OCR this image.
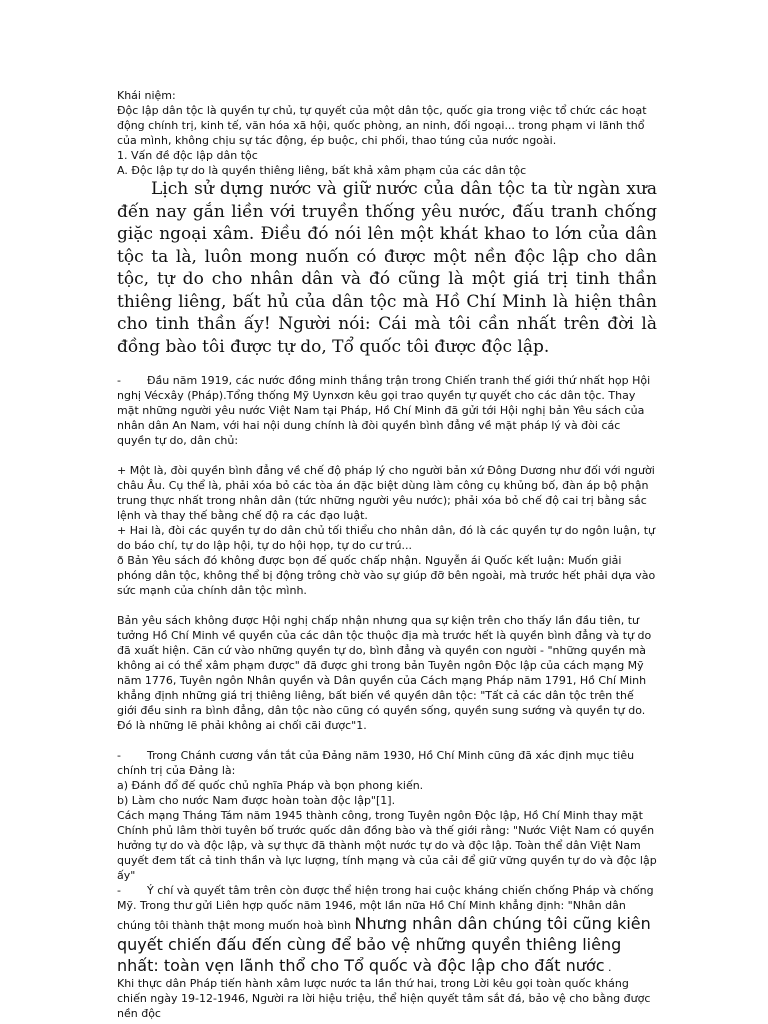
Khái niệm:

Độc lập dân tộc là quyền tự chủ, tự quyết của một dân tộc, quốc gia trong việc tổ chức các hoạt động chính trị, kinh tế, văn hóa xã hội, quốc phòng, an ninh, đối ngoại... trong phạm vi lãnh thổ của mình, không chịu sự tác động, ép buộc, chi phối, thao túng của nước ngoài.

1. Vấn đề độc lập dân tộc

A. Độc lập tự do là quyền thiêng liêng, bất khả xâm phạm của các dân tộc

Lịch sử dựng nước và giữ nước của dân tộc ta từ ngàn xưa đến nay gắn liền với truyền thống yêu nước, đấu tranh chống giặc ngoại xâm. Điều đó nói lên một khát khao to lớn của dân tộc ta là, luôn mong nuốn có được một nền độc lập cho dân tộc, tự do cho nhân dân và đó cũng là một giá trị tinh thần thiêng liêng, bất hủ của dân tộc mà Hồ Chí Minh là hiện thân cho tinh thần ấy! Người nói: Cái mà tôi cần nhất trên đời là đồng bào tôi được tự do, Tổ quốc tôi được độc lập.

- Đầu năm 1919, các nước đồng minh thắng trận trong Chiến tranh thế giới thứ nhất họp Hội nghị Vécxây (Pháp).Tổng thống Mỹ Uynxơn kêu gọi trao quyền tự quyết cho các dân tộc. Thay mặt những người yêu nước Việt Nam tại Pháp, Hồ Chí Minh đã gửi tới Hội nghị bản Yêu sách của nhân dân An Nam, với hai nội dung chính là đòi quyền bình đẳng về mặt pháp lý và đòi các quyền tự do, dân chủ:

+ Một là, đòi quyền bình đẳng về chế độ pháp lý cho người bản xứ Đông Dương như đối với người châu Âu. Cụ thể là, phải xóa bỏ các tòa án đặc biệt dùng làm công cụ khủng bố, đàn áp bộ phận trung thực nhất trong nhân dân (tức những người yêu nước); phải xóa bỏ chế độ cai trị bằng sắc lệnh và thay thế bằng chế độ ra các đạo luật.

+ Hai là, đòi các quyền tự do dân chủ tối thiểu cho nhân dân, đó là các quyền tự do ngôn luận, tự do báo chí, tự do lập hội, tự do hội họp, tự do cư trú...

ð Bản Yêu sách đó không được bọn đế quốc chấp nhận. Nguyễn ái Quốc kết luận: Muốn giải phóng dân tộc, không thể bị động trông chờ vào sự giúp đỡ bên ngoài, mà trước hết phải dựa vào sức mạnh của chính dân tộc mình.

Bản yêu sách không được Hội nghị chấp nhận nhưng qua sự kiện trên cho thấy lần đầu tiên, tư tưởng Hồ Chí Minh về quyền của các dân tộc thuộc địa mà trước hết là quyền bình đẳng và tự do đã xuất hiện. Căn cứ vào những quyền tự do, bình đẳng và quyền con người - "những quyền mà không ai có thể xâm phạm được" đã được ghi trong bản Tuyên ngôn Độc lập của cách mạng Mỹ năm 1776, Tuyên ngôn Nhân quyền và Dân quyền của Cách mạng Pháp năm 1791, Hồ Chí Minh khẳng định những giá trị thiêng liêng, bất biến về quyền dân tộc: "Tất cả các dân tộc trên thế giới đều sinh ra bình đẳng, dân tộc nào cũng có quyền sống, quyền sung sướng và quyền tự do. Đó là những lẽ phải không ai chối cãi được"1.

- Trong Chánh cương vắn tắt của Đảng năm 1930, Hồ Chí Minh cũng đã xác định mục tiêu chính trị của Đảng là:

a) Đánh đổ đế quốc chủ nghĩa Pháp và bọn phong kiến.

b) Làm cho nước Nam được hoàn toàn độc lập"[1].

Cách mạng Tháng Tám năm 1945 thành công, trong Tuyên ngôn Độc lập, Hồ Chí Minh thay mặt Chính phủ lâm thời tuyên bố trước quốc dân đồng bào và thế giới rằng: "Nước Việt Nam có quyền hưởng tự do và độc lập, và sự thực đã thành một nước tự do và độc lập. Toàn thể dân Việt Nam quyết đem tất cả tinh thần và lực lượng, tính mạng và của cải để giữ vững quyền tự do và độc lập ấy"

- Ý chí và quyết tâm trên còn được thể hiện trong hai cuộc kháng chiến chống Pháp và chống Mỹ. Trong thư gửi Liên hợp quốc năm 1946, một lần nữa Hồ Chí Minh khẳng định: "Nhân dân chúng tôi thành thật mong muốn hoà bình Nhưng nhân dân chúng tôi cũng kiên quyết chiến đấu đến cùng để bảo vệ những quyền thiêng liêng nhất: toàn vẹn lãnh thổ cho Tổ quốc và độc lập cho đất nước .

Khi thực dân Pháp tiến hành xâm lược nước ta lần thứ hai, trong Lời kêu gọi toàn quốc kháng chiến ngày 19-12-1946, Người ra lời hiệu triệu, thể hiện quyết tâm sắt đá, bảo vệ cho bằng được nền độc
